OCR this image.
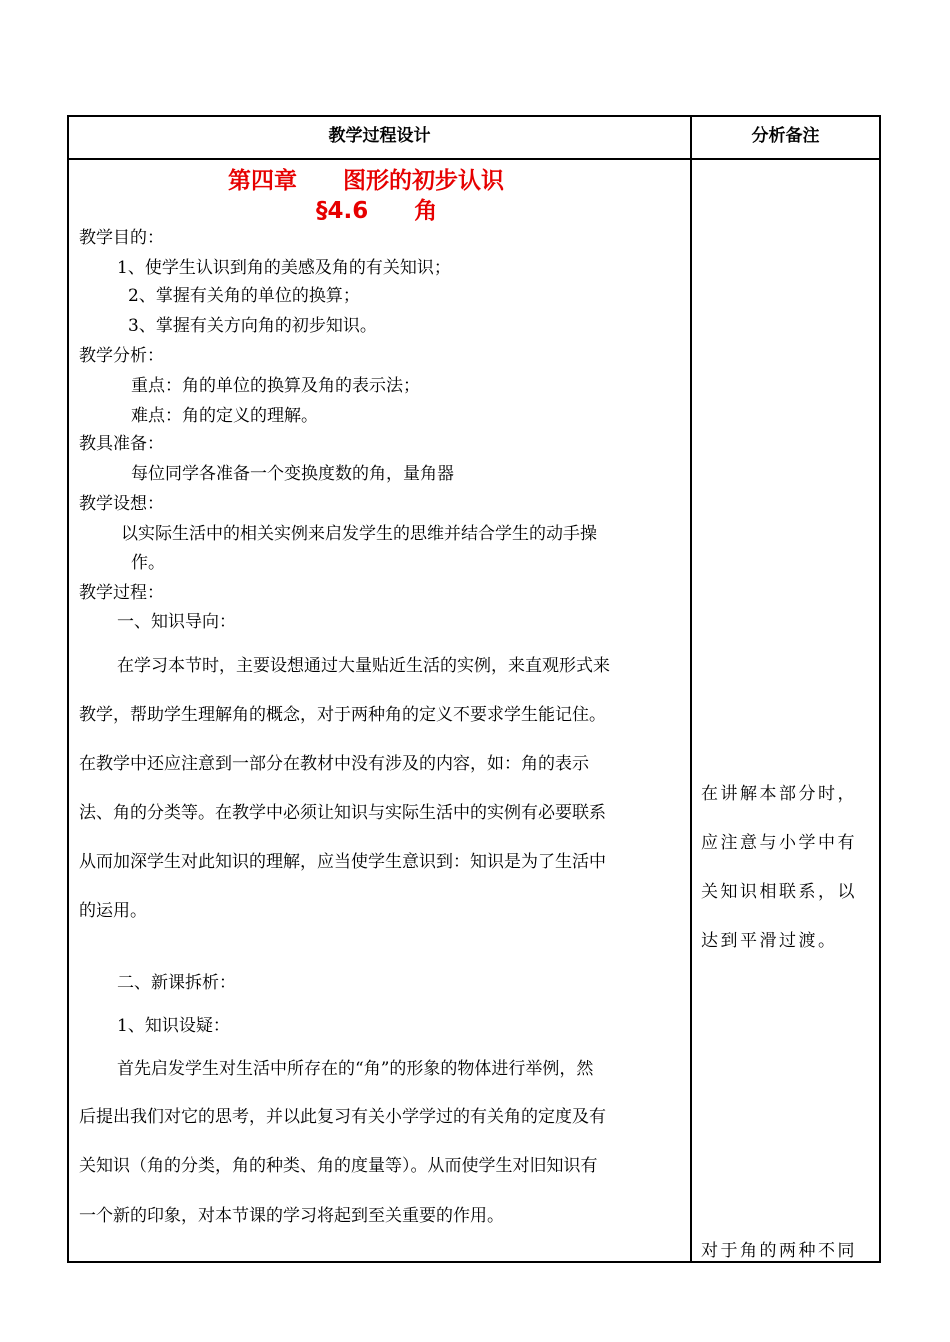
教学过程设计	分析备注
第四章　　图形的初步认识
§4.6　　角
教学目的：
1、使学生认识到角的美感及角的有关知识；
2、掌握有关角的单位的换算；
3、掌握有关方向角的初步知识。
教学分析：
重点：角的单位的换算及角的表示法；
难点：角的定义的理解。
教具准备：
每位同学各准备一个变换度数的角，量角器
教学设想：
以实际生活中的相关实例来启发学生的思维并结合学生的动手操
作。
教学过程：
一、知识导向：
在学习本节时，主要设想通过大量贴近生活的实例，来直观形式来
教学，帮助学生理解角的概念，对于两种角的定义不要求学生能记住。
在教学中还应注意到一部分在教材中没有涉及的内容，如：角的表示
法、角的分类等。在教学中必须让知识与实际生活中的实例有必要联系
从而加深学生对此知识的理解，应当使学生意识到：知识是为了生活中
的运用。
二、新课拆析：
1、知识设疑：
首先启发学生对生活中所存在的“角”的形象的物体进行举例，然
后提出我们对它的思考，并以此复习有关小学学过的有关角的定度及有
关知识（角的分类，角的种类、角的度量等）。从而使学生对旧知识有
一个新的印象，对本节课的学习将起到至关重要的作用。
在讲解本部分时，
应注意与小学中有
关知识相联系，以
达到平滑过渡。
对于角的两种不同
